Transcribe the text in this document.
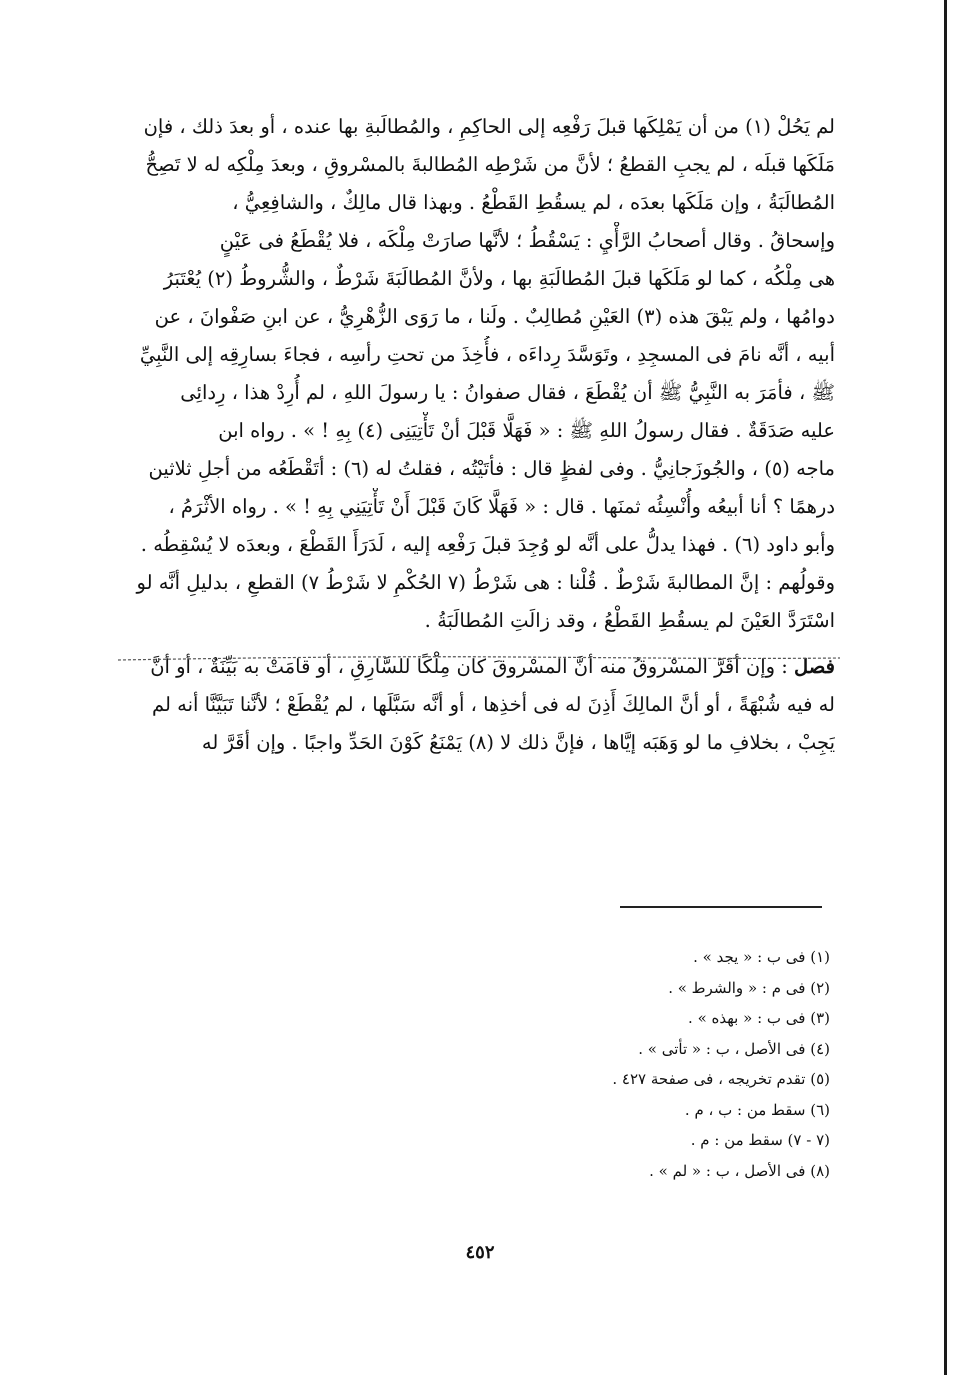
لم يَحُلْ (١) من أن يَمْلِكَها قبلَ رَفْعِه إلى الحاكِمِ ، والمُطالَبةِ بها عنده ، أو بعدَ ذلك ، فإن
مَلَكَها قبلَه ، لم يجبِ القطعُ ؛ لأنَّ من شَرْطِه المُطالبةَ بالمسْروقِ ، وبعدَ مِلْكِه له لا تَصِحُّ
المُطالَبَةُ ، وإن مَلَكَها بعدَه ، لم يسقُطِ القَطْعُ . وبهذا قال مالِكٌ ، والشافِعِيُّ ،
وإسحاقُ . وقال أصحابُ الرَّأْيِ : يَسْقُطُ ؛ لأنَّها صارَتْ مِلْكَه ، فلا يُقْطَعُ فى عَيْنٍ
هى مِلْكُه ، كما لو مَلَكَها قبلَ المُطالَبَةِ بها ، ولأنَّ المُطالَبَةَ شَرْطٌ ، والشُّروطُ (٢) يُعْتَبَرُ
دوامُها ، ولم يَبْقَ هذه (٣) العَيْنِ مُطالِبٌ . ولَنا ، ما رَوَى الزُّهْرِيُّ ، عن ابنِ صَفْوانَ ، عن
أبيه ، أنَّه نامَ فى المسجِدِ ، وتَوَسَّدَ رِداءَه ، فأُخِذَ من تحتِ رأسِه ، فجاءَ بسارِقِه إلى النَّبِيِّ
ﷺ ، فأمَرَ به النَّبِيُّ ﷺ أن يُقْطَعَ ، فقال صفوانُ : يا رسولَ اللهِ ، لم أُرِدْ هذا ، رِدائِى
عليه صَدَقَةٌ . فقال رسولُ اللهِ ﷺ : « فَهَلَّا قَبْلَ أنْ تَأْتِيَنِى (٤) بِهِ ! » . رواه ابن
ماجه (٥) ، والجُوزَجانِيُّ . وفى لفظٍ قال : فأتَيْتُه ، فقلتُ له (٦) : أتَقْطَعُه من أجلِ ثلاثين
درهمًا ؟ أنا أبيعُه وأُنْسِئُه ثمنَها . قال : « فَهَلَّا كَانَ قَبْلَ أَنْ تَأْتِيَنِي بِهِ ! » . رواه الأثْرَمُ ،
وأبو داود (٦) . فهذا يدلُّ على أنَّه لو وُجِدَ قبلَ رَفْعِه إليه ، لَدَرَأَ القَطْعَ ، وبعدَه لا يُسْقِطُه .
وقولُهم : إنَّ المطالبةَ شَرْطٌ . قُلْنا : هى شَرْطُ (٧ الحُكْمِ لا شَرْطُ ٧) القطعِ ، بدليلِ أنَّه لو
اسْتَرَدَّ العَيْنَ لم يسقُطِ القَطْعُ ، وقد زالَتِ المُطالَبَةُ .
فصل : وإن أقَرَّ المسْروقُ منه أنَّ المسْروقَ كان مِلْكًا للسَّارِقِ ، أو قامَتْ به بَيِّنَةٌ ، أو أنَّ
له فيه شُبْهَةً ، أو أنَّ المالِكَ أَذِنَ له فى أخذِها ، أو أنَّه سَبَّلَها ، لم يُقْطَعْ ؛ لأنَّنا تَبَيَّنَّا أنه لم
يَجِبْ ، بخلافِ ما لو وَهَبَه إيَّاها ، فإنَّ ذلك لا (٨) يَمْنَعُ كَوْنَ الحَدِّ واجبًا . وإن أقَرَّ له
(١) فى ب : « يجد » .
(٢) فى م : « والشرط » .
(٣) فى ب : « بهذه » .
(٤) فى الأصل ، ب : « تأتى » .
(٥) تقدم تخريجه ، فى صفحة ٤٢٧ .
(٦) سقط من : ب ، م .
(٧ - ٧) سقط من : م .
(٨) فى الأصل ، ب : « لم » .
٤٥٢
